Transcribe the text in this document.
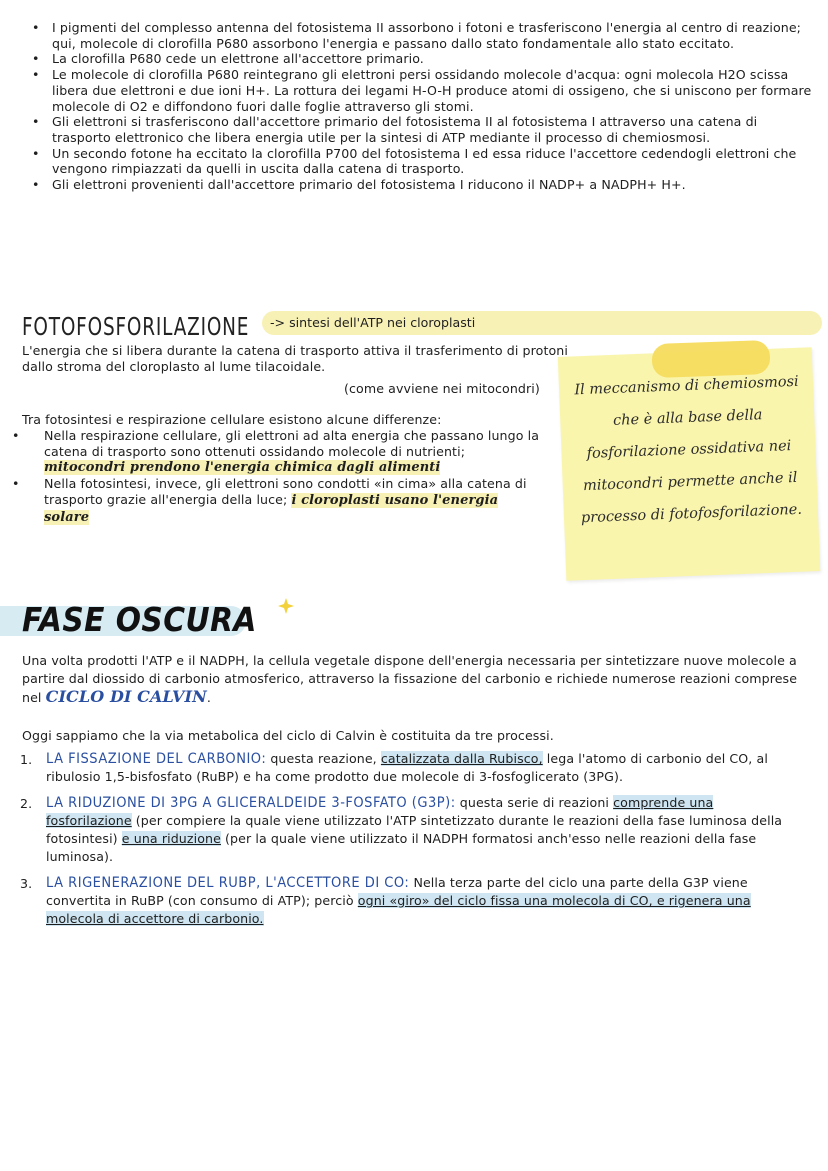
• I pigmenti del complesso antenna del fotosistema II assorbono i fotoni e trasferiscono l'energia al centro di reazione; qui, molecole di clorofilla P680 assorbono l'energia e passano dallo stato fondamentale allo stato eccitato.
• La clorofilla P680 cede un elettrone all'accettore primario.
• Le molecole di clorofilla P680 reintegrano gli elettroni persi ossidando molecole d'acqua: ogni molecola H2O scissa libera due elettroni e due ioni H+. La rottura dei legami H-O-H produce atomi di ossigeno, che si uniscono per formare molecole di O2 e diffondono fuori dalle foglie attraverso gli stomi.
• Gli elettroni si trasferiscono dall'accettore primario del fotosistema II al fotosistema I attraverso una catena di trasporto elettronico che libera energia utile per la sintesi di ATP mediante il processo di chemiosmosi.
• Un secondo fotone ha eccitato la clorofilla P700 del fotosistema I ed essa riduce l'accettore cedendogli elettroni che vengono rimpiazzati da quelli in uscita dalla catena di trasporto.
• Gli elettroni provenienti dall'accettore primario del fotosistema I riducono il NADP+ a NADPH+ H+.
FOTOFOSFORILAZIONE -> sintesi dell'ATP nei cloroplasti
L'energia che si libera durante la catena di trasporto attiva il trasferimento di protoni dallo stroma del cloroplasto al lume tilacoidale.
(come avviene nei mitocondri)
Tra fotosintesi e respirazione cellulare esistono alcune differenze:
• Nella respirazione cellulare, gli elettroni ad alta energia che passano lungo la catena di trasporto sono ottenuti ossidando molecole di nutrienti; mitocondri prendono l'energia chimica dagli alimenti
• Nella fotosintesi, invece, gli elettroni sono condotti «in cima» alla catena di trasporto grazie all'energia della luce; i cloroplasti usano l'energia solare
Il meccanismo di chemiosmosi che è alla base della fosforilazione ossidativa nei mitocondri permette anche il processo di fotofosforilazione.
FASE OSCURA
Una volta prodotti l'ATP e il NADPH, la cellula vegetale dispone dell'energia necessaria per sintetizzare nuove molecole a partire dal diossido di carbonio atmosferico, attraverso la fissazione del carbonio e richiede numerose reazioni comprese nel CICLO DI CALVIN.
Oggi sappiamo che la via metabolica del ciclo di Calvin è costituita da tre processi.
1. LA FISSAZIONE DEL CARBONIO: questa reazione, catalizzata dalla Rubisco, lega l'atomo di carbonio del CO, al ribulosio 1,5-bisfosfato (RuBP) e ha come prodotto due molecole di 3-fosfoglicerato (3PG).
2. LA RIDUZIONE DI 3PG A GLICERALDEIDE 3-FOSFATO (G3P): questa serie di reazioni comprende una fosforilazione (per compiere la quale viene utilizzato l'ATP sintetizzato durante le reazioni della fase luminosa della fotosintesi) e una riduzione (per la quale viene utilizzato il NADPH formatosi anch'esso nelle reazioni della fase luminosa).
3. LA RIGENERAZIONE DEL RUBP, L'ACCETTORE DI CO: Nella terza parte del ciclo una parte della G3P viene convertita in RuBP (con consumo di ATP); perciò ogni «giro» del ciclo fissa una molecola di CO, e rigenera una molecola di accettore di carbonio.
